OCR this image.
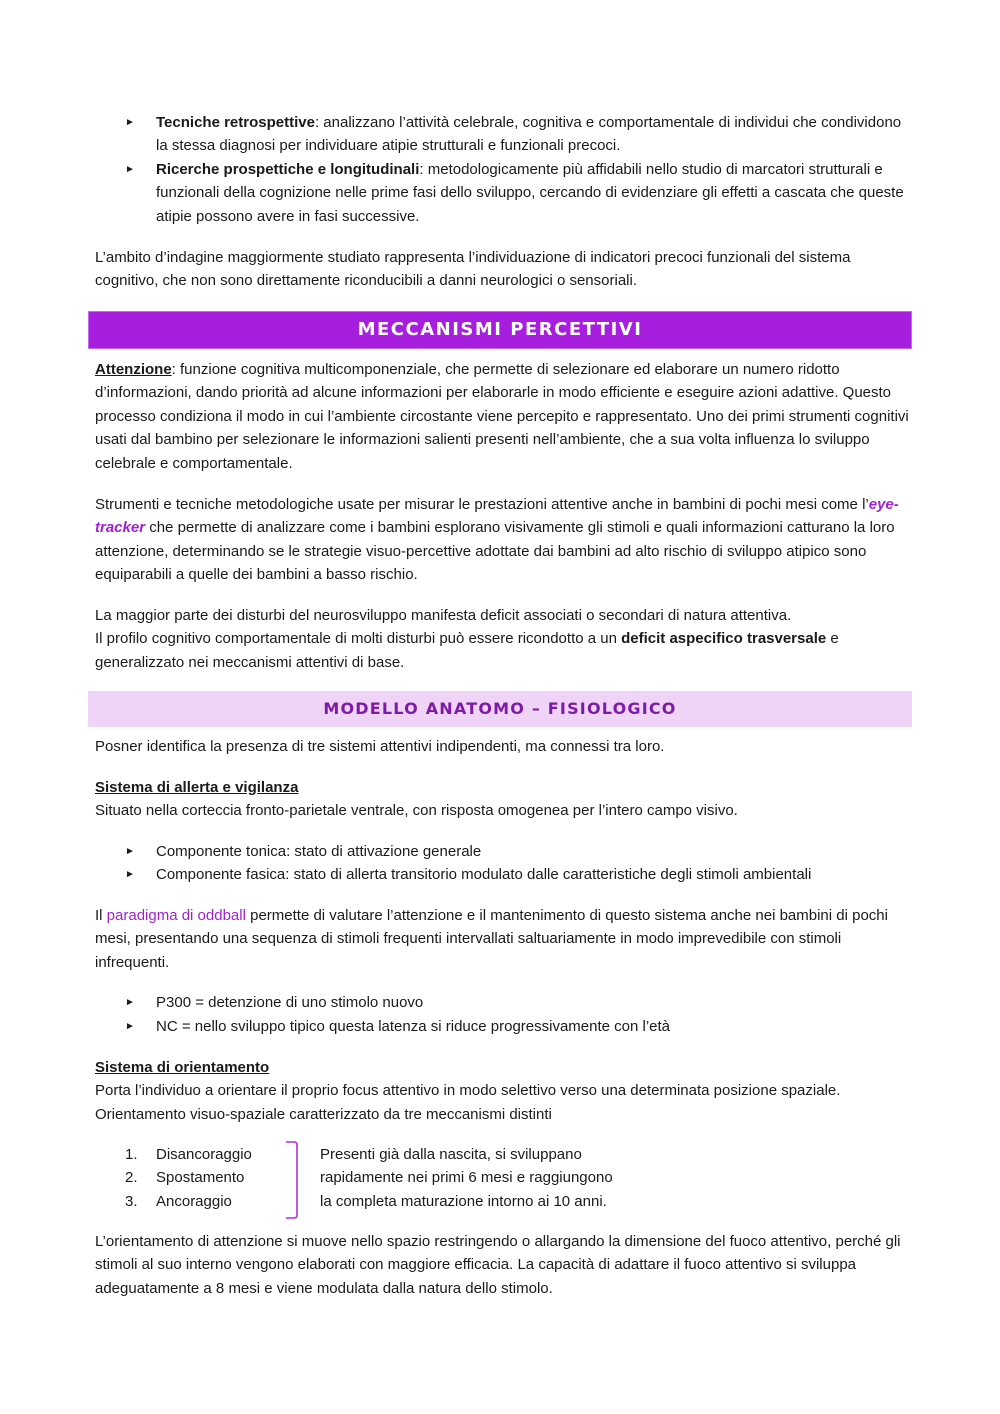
►	Tecniche retrospettive: analizzano l’attività celebrale, cognitiva e comportamentale di individui che condividono la stessa diagnosi per individuare atipie strutturali e funzionali precoci.
►	Ricerche prospettiche e longitudinali: metodologicamente più affidabili nello studio di marcatori strutturali e funzionali della cognizione nelle prime fasi dello sviluppo, cercando di evidenziare gli effetti a cascata che queste atipie possono avere in fasi successive.

L’ambito d’indagine maggiormente studiato rappresenta l’individuazione di indicatori precoci funzionali del sistema cognitivo, che non sono direttamente riconducibili a danni neurologici o sensoriali.

MECCANISMI PERCETTIVI

Attenzione: funzione cognitiva multicomponenziale, che permette di selezionare ed elaborare un numero ridotto d’informazioni, dando priorità ad alcune informazioni per elaborarle in modo efficiente e eseguire azioni adattive. Questo processo condiziona il modo in cui l’ambiente circostante viene percepito e rappresentato. Uno dei primi strumenti cognitivi usati dal bambino per selezionare le informazioni salienti presenti nell’ambiente, che a sua volta influenza lo sviluppo celebrale e comportamentale.

Strumenti e tecniche metodologiche usate per misurar le prestazioni attentive anche in bambini di pochi mesi come l’eye-tracker che permette di analizzare come i bambini esplorano visivamente gli stimoli e quali informazioni catturano la loro attenzione, determinando se le strategie visuo-percettive adottate dai bambini ad alto rischio di sviluppo atipico sono equiparabili a quelle dei bambini a basso rischio.

La maggior parte dei disturbi del neurosviluppo manifesta deficit associati o secondari di natura attentiva.
Il profilo cognitivo comportamentale di molti disturbi può essere ricondotto a un deficit aspecifico trasversale e generalizzato nei meccanismi attentivi di base.

MODELLO ANATOMO – FISIOLOGICO

Posner identifica la presenza di tre sistemi attentivi indipendenti, ma connessi tra loro.

Sistema di allerta e vigilanza
Situato nella corteccia fronto-parietale ventrale, con risposta omogenea per l’intero campo visivo.

►	Componente tonica: stato di attivazione generale
►	Componente fasica: stato di allerta transitorio modulato dalle caratteristiche degli stimoli ambientali

Il paradigma di oddball permette di valutare l’attenzione e il mantenimento di questo sistema anche nei bambini di pochi mesi, presentando una sequenza di stimoli frequenti intervallati saltuariamente in modo imprevedibile con stimoli infrequenti.

►	P300 = detenzione di uno stimolo nuovo
►	NC = nello sviluppo tipico questa latenza si riduce progressivamente con l’età

Sistema di orientamento
Porta l’individuo a orientare il proprio focus attentivo in modo selettivo verso una determinata posizione spaziale.
Orientamento visuo-spaziale caratterizzato da tre meccanismi distinti

1. Disancoraggio
2. Spostamento
3. Ancoraggio
Presenti già dalla nascita, si sviluppano
rapidamente nei primi 6 mesi e raggiungono
la completa maturazione intorno ai 10 anni.

L’orientamento di attenzione si muove nello spazio restringendo o allargando la dimensione del fuoco attentivo, perché gli stimoli al suo interno vengono elaborati con maggiore efficacia. La capacità di adattare il fuoco attentivo si sviluppa adeguatamente a 8 mesi e viene modulata dalla natura dello stimolo.
